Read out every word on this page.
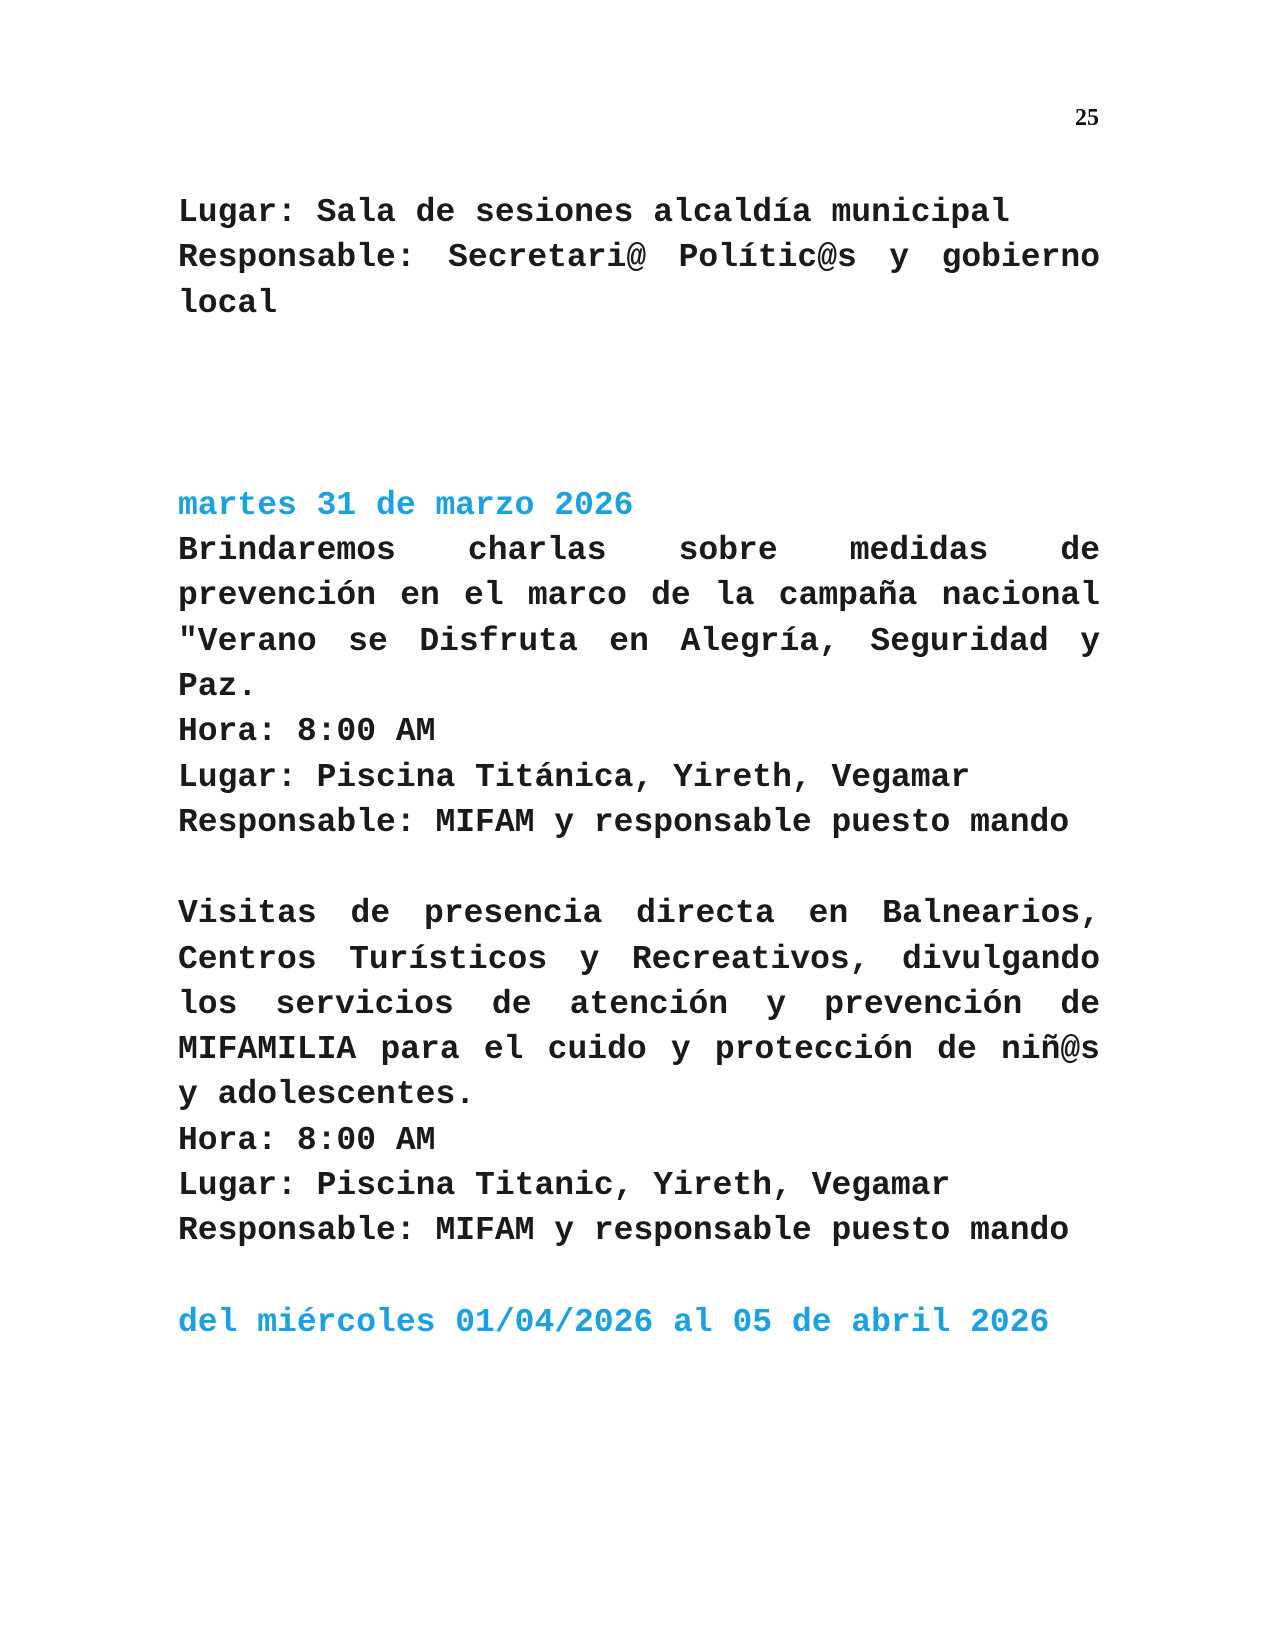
25
Lugar: Sala de sesiones alcaldía municipal
Responsable: Secretari@ Polític@s y gobierno
local
martes 31 de marzo 2026
Brindaremos charlas sobre medidas de
prevención en el marco de la campaña nacional
"Verano se Disfruta en Alegría, Seguridad y
Paz.
Hora: 8:00 AM
Lugar: Piscina Titánica, Yireth, Vegamar
Responsable: MIFAM y responsable puesto mando
Visitas de presencia directa en Balnearios,
Centros Turísticos y Recreativos, divulgando
los servicios de atención y prevención de
MIFAMILIA para el cuido y protección de niñ@s
y adolescentes.
Hora: 8:00 AM
Lugar: Piscina Titanic, Yireth, Vegamar
Responsable: MIFAM y responsable puesto mando
del miércoles 01/04/2026 al 05 de abril 2026
